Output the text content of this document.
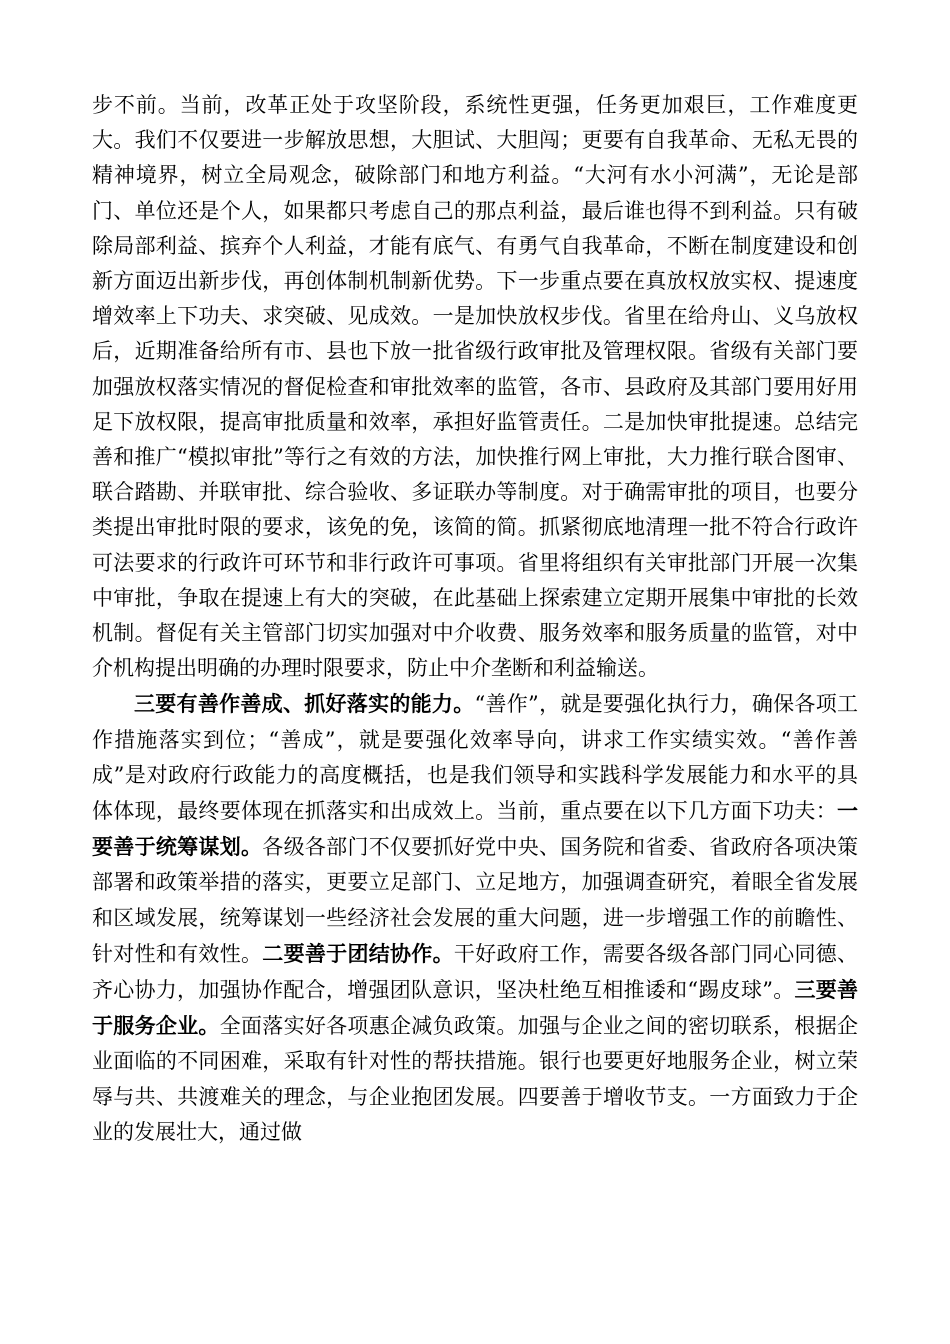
步不前。当前，改革正处于攻坚阶段，系统性更强，任务更加艰巨，工作难度更大。我们不仅要进一步解放思想，大胆试、大胆闯；更要有自我革命、无私无畏的精神境界，树立全局观念，破除部门和地方利益。“大河有水小河满”，无论是部门、单位还是个人，如果都只考虑自己的那点利益，最后谁也得不到利益。只有破除局部利益、摈弃个人利益，才能有底气、有勇气自我革命，不断在制度建设和创新方面迈出新步伐，再创体制机制新优势。下一步重点要在真放权放实权、提速度增效率上下功夫、求突破、见成效。一是加快放权步伐。省里在给舟山、义乌放权后，近期准备给所有市、县也下放一批省级行政审批及管理权限。省级有关部门要加强放权落实情况的督促检查和审批效率的监管，各市、县政府及其部门要用好用足下放权限，提高审批质量和效率，承担好监管责任。二是加快审批提速。总结完善和推广“模拟审批”等行之有效的方法，加快推行网上审批，大力推行联合图审、联合踏勘、并联审批、综合验收、多证联办等制度。对于确需审批的项目，也要分类提出审批时限的要求，该免的免，该简的简。抓紧彻底地清理一批不符合行政许可法要求的行政许可环节和非行政许可事项。省里将组织有关审批部门开展一次集中审批，争取在提速上有大的突破，在此基础上探索建立定期开展集中审批的长效机制。督促有关主管部门切实加强对中介收费、服务效率和服务质量的监管，对中介机构提出明确的办理时限要求，防止中介垄断和利益输送。

三要有善作善成、抓好落实的能力。“善作”，就是要强化执行力，确保各项工作措施落实到位；“善成”，就是要强化效率导向，讲求工作实绩实效。“善作善成”是对政府行政能力的高度概括，也是我们领导和实践科学发展能力和水平的具体体现，最终要体现在抓落实和出成效上。当前，重点要在以下几方面下功夫：一要善于统筹谋划。各级各部门不仅要抓好党中央、国务院和省委、省政府各项决策部署和政策举措的落实，更要立足部门、立足地方，加强调查研究，着眼全省发展和区域发展，统筹谋划一些经济社会发展的重大问题，进一步增强工作的前瞻性、针对性和有效性。二要善于团结协作。干好政府工作，需要各级各部门同心同德、齐心协力，加强协作配合，增强团队意识，坚决杜绝互相推诿和“踢皮球”。三要善于服务企业。全面落实好各项惠企减负政策。加强与企业之间的密切联系，根据企业面临的不同困难，采取有针对性的帮扶措施。银行也要更好地服务企业，树立荣辱与共、共渡难关的理念，与企业抱团发展。四要善于增收节支。一方面致力于企业的发展壮大，通过做
